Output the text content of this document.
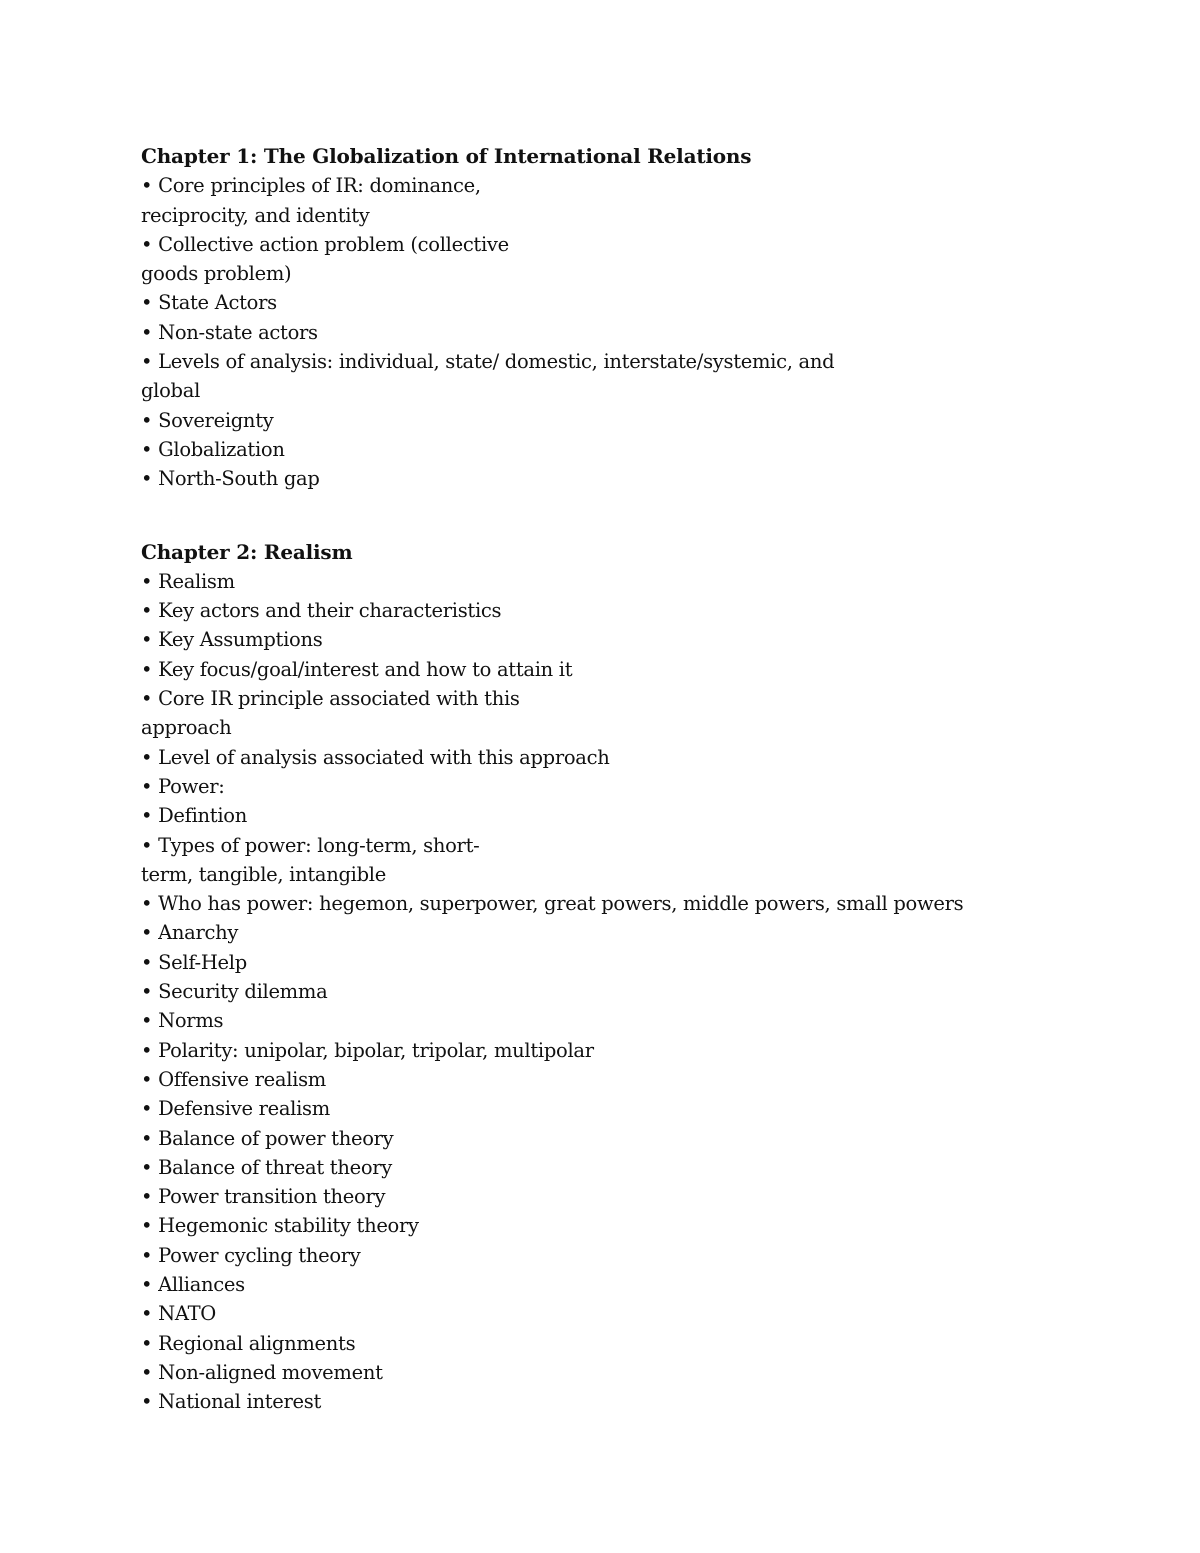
Chapter 1: The Globalization of International Relations

• Core principles of IR: dominance,

reciprocity, and identity

• Collective action problem (collective

goods problem)

• State Actors

• Non-state actors

• Levels of analysis: individual, state/ domestic, interstate/systemic, and

global

• Sovereignty

• Globalization

• North-South gap

Chapter 2: Realism

• Realism

• Key actors and their characteristics

• Key Assumptions

• Key focus/goal/interest and how to attain it

• Core IR principle associated with this

approach

• Level of analysis associated with this approach

• Power:

• Defintion

• Types of power: long-term, short-

term, tangible, intangible

• Who has power: hegemon, superpower, great powers, middle powers, small powers

• Anarchy

• Self-Help

• Security dilemma

• Norms

• Polarity: unipolar, bipolar, tripolar, multipolar

• Offensive realism

• Defensive realism

• Balance of power theory

• Balance of threat theory

• Power transition theory

• Hegemonic stability theory

• Power cycling theory

• Alliances

• NATO

• Regional alignments

• Non-aligned movement

• National interest
